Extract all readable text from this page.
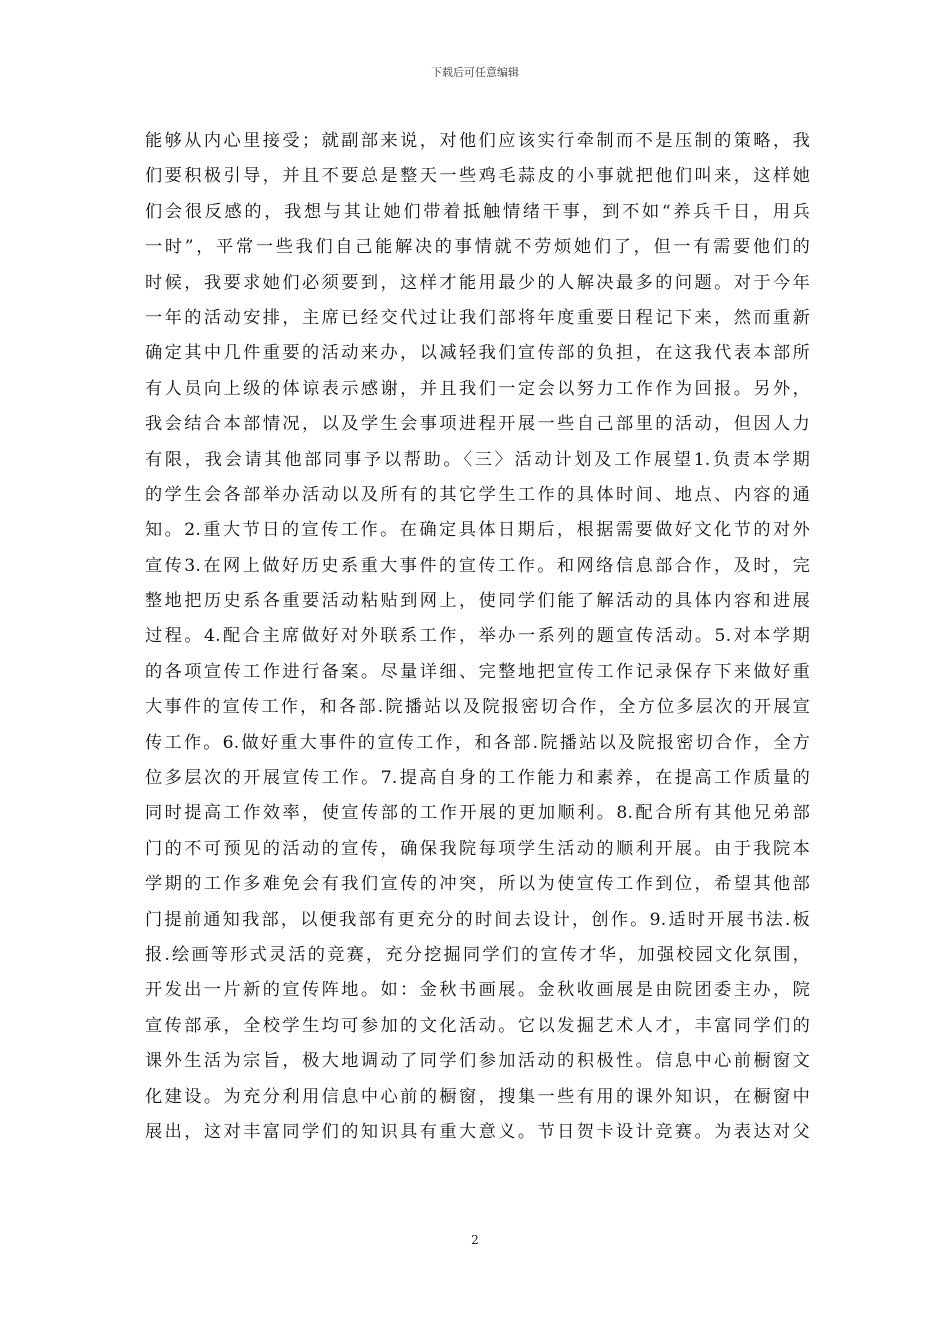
下载后可任意编辑
能够从内心里接受；就副部来说，对他们应该实行牵制而不是压制的策略，我
们要积极引导，并且不要总是整天一些鸡毛蒜皮的小事就把他们叫来，这样她
们会很反感的，我想与其让她们带着抵触情绪干事，到不如“养兵千日，用兵
一时”，平常一些我们自己能解决的事情就不劳烦她们了，但一有需要他们的
时候，我要求她们必须要到，这样才能用最少的人解决最多的问题。对于今年
一年的活动安排，主席已经交代过让我们部将年度重要日程记下来，然而重新
确定其中几件重要的活动来办，以减轻我们宣传部的负担，在这我代表本部所
有人员向上级的体谅表示感谢，并且我们一定会以努力工作作为回报。另外，
我会结合本部情况，以及学生会事项进程开展一些自己部里的活动，但因人力
有限，我会请其他部同事予以帮助。〈三〉活动计划及工作展望1.负责本学期
的学生会各部举办活动以及所有的其它学生工作的具体时间、地点、内容的通
知。2.重大节日的宣传工作。在确定具体日期后，根据需要做好文化节的对外
宣传3.在网上做好历史系重大事件的宣传工作。和网络信息部合作，及时，完
整地把历史系各重要活动粘贴到网上，使同学们能了解活动的具体内容和进展
过程。4.配合主席做好对外联系工作，举办一系列的题宣传活动。5.对本学期
的各项宣传工作进行备案。尽量详细、完整地把宣传工作记录保存下来做好重
大事件的宣传工作，和各部.院播站以及院报密切合作，全方位多层次的开展宣
传工作。6.做好重大事件的宣传工作，和各部.院播站以及院报密切合作，全方
位多层次的开展宣传工作。7.提高自身的工作能力和素养，在提高工作质量的
同时提高工作效率，使宣传部的工作开展的更加顺利。8.配合所有其他兄弟部
门的不可预见的活动的宣传，确保我院每项学生活动的顺利开展。由于我院本
学期的工作多难免会有我们宣传的冲突，所以为使宣传工作到位，希望其他部
门提前通知我部，以便我部有更充分的时间去设计，创作。9.适时开展书法.板
报.绘画等形式灵活的竞赛，充分挖掘同学们的宣传才华，加强校园文化氛围，
开发出一片新的宣传阵地。如：金秋书画展。金秋收画展是由院团委主办，院
宣传部承，全校学生均可参加的文化活动。它以发掘艺术人才，丰富同学们的
课外生活为宗旨，极大地调动了同学们参加活动的积极性。信息中心前橱窗文
化建设。为充分利用信息中心前的橱窗，搜集一些有用的课外知识，在橱窗中
展出，这对丰富同学们的知识具有重大意义。节日贺卡设计竞赛。为表达对父
2
